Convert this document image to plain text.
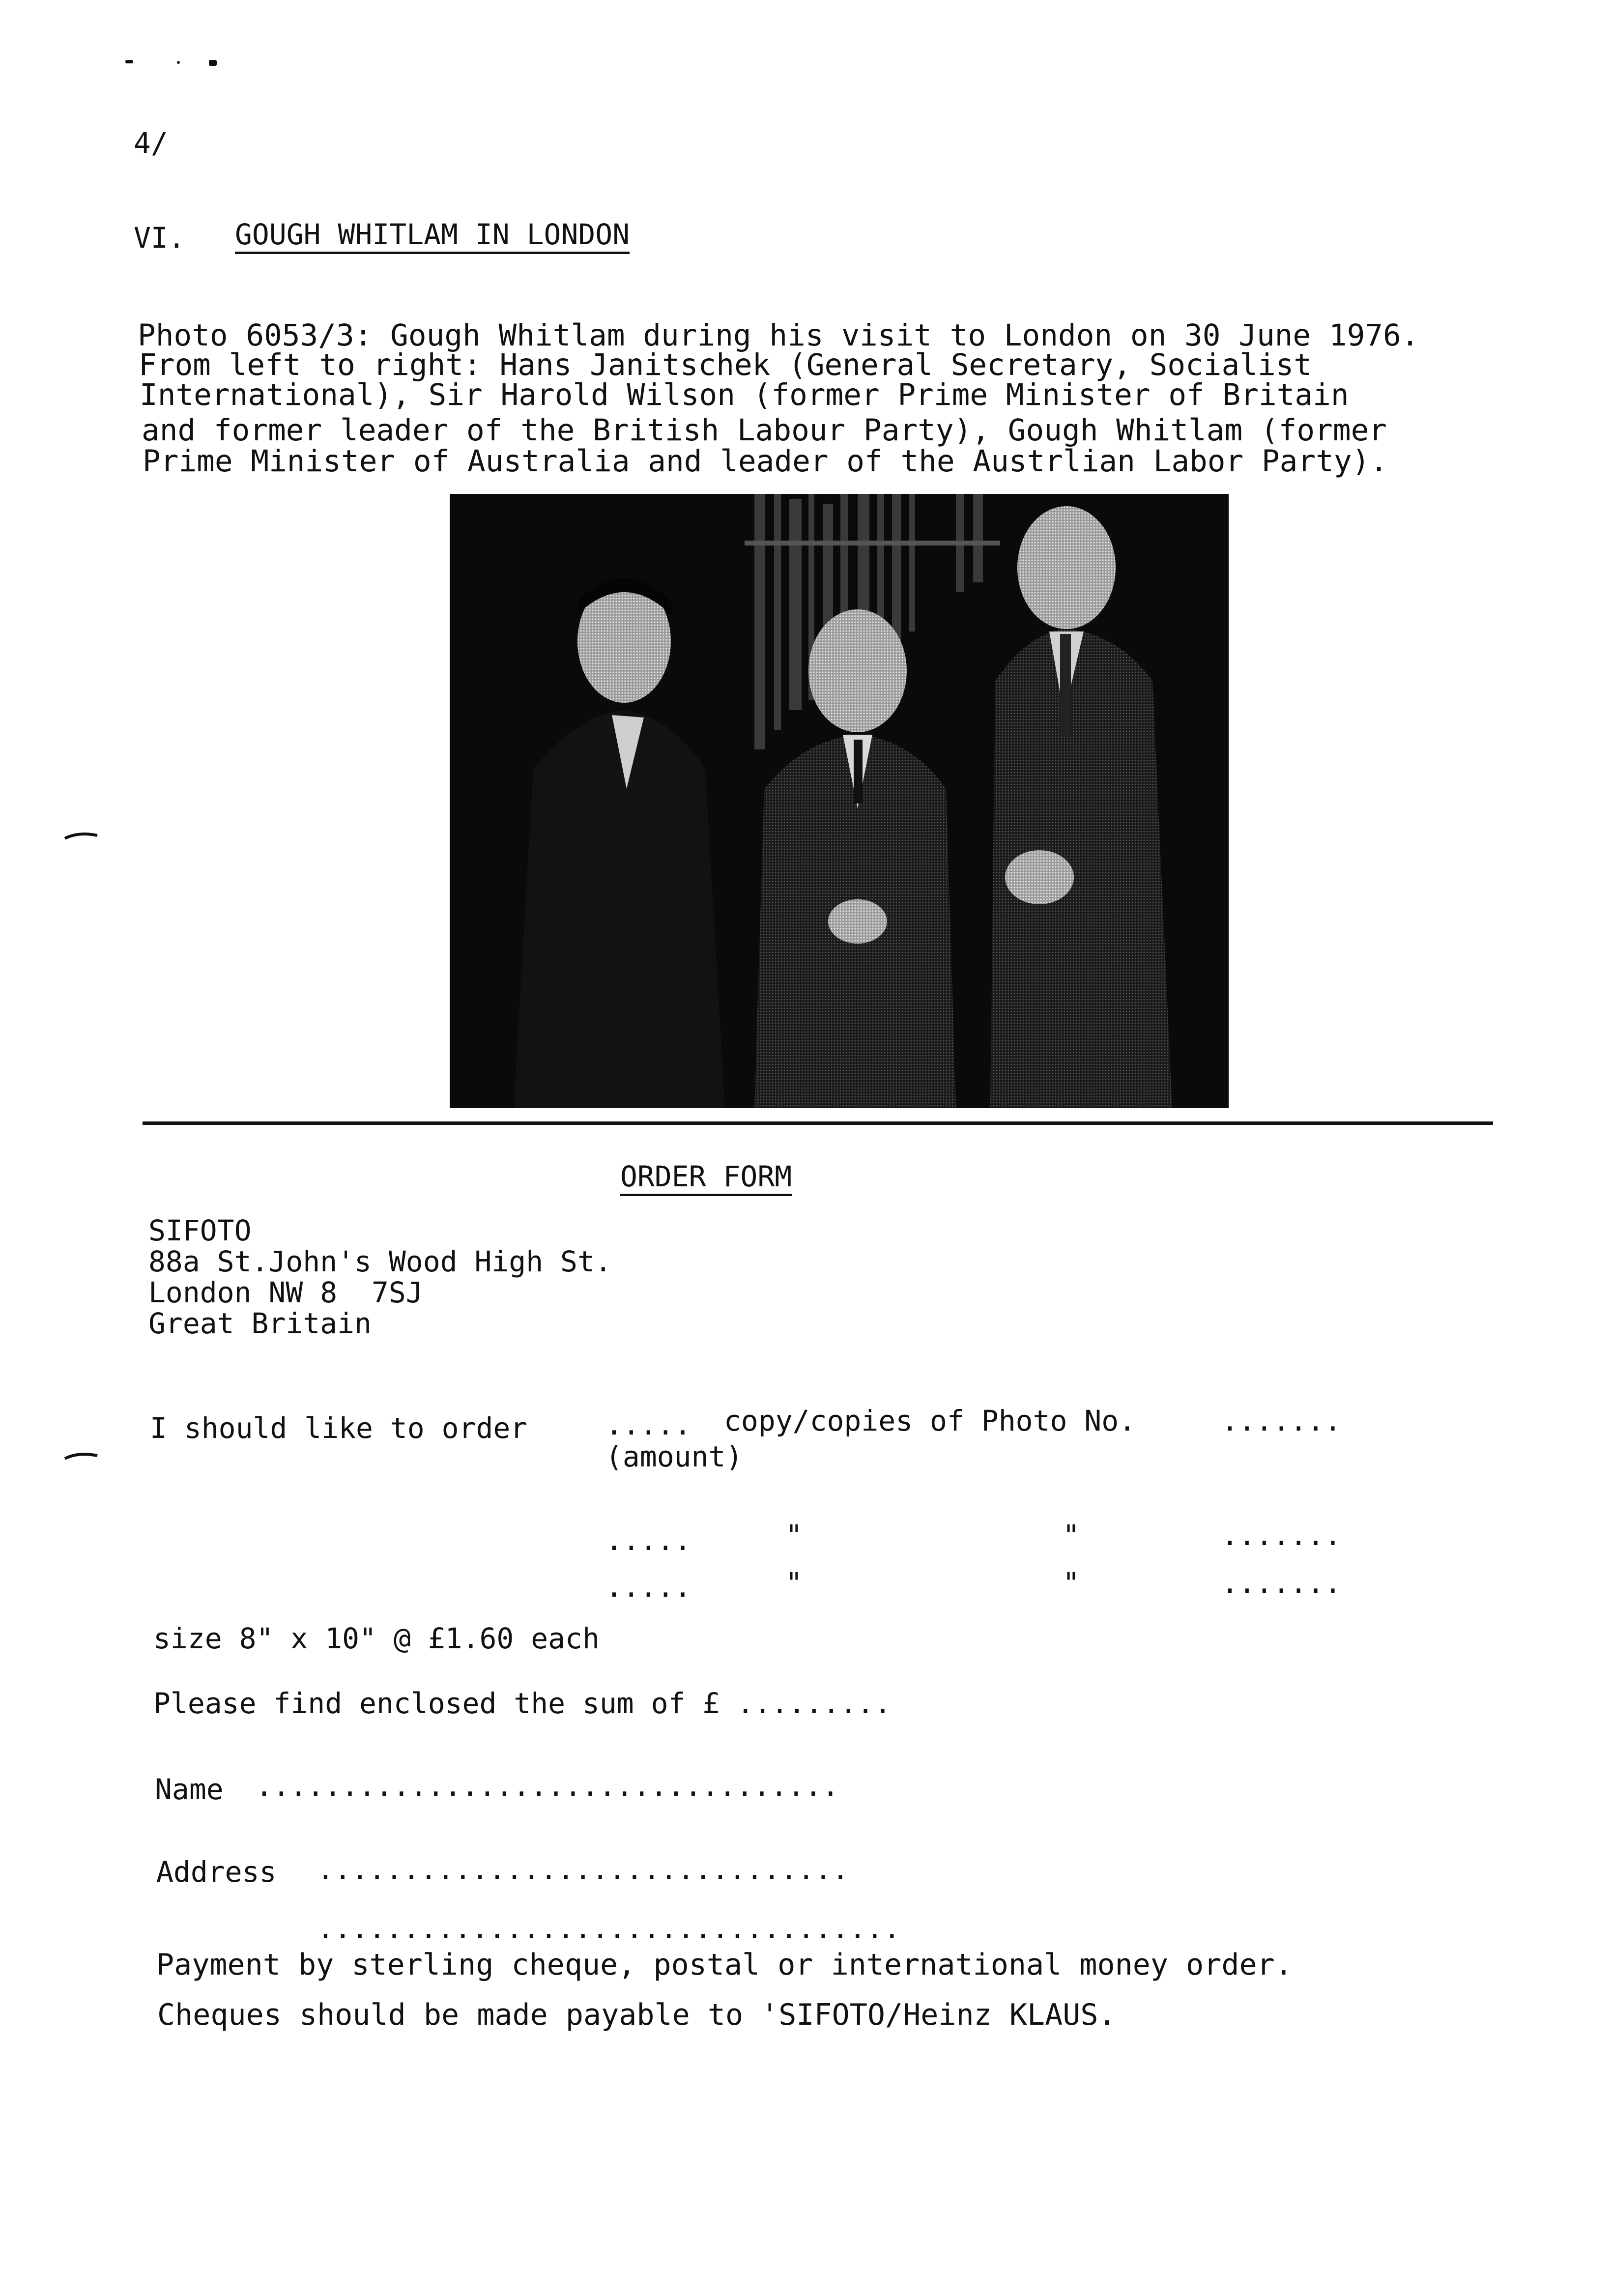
4/
VI. GOUGH WHITLAM IN LONDON
Photo 6053/3: Gough Whitlam during his visit to London on 30 June 1976.
From left to right: Hans Janitschek (General Secretary, Socialist
International), Sir Harold Wilson (former Prime Minister of Britain
and former leader of the British Labour Party), Gough Whitlam (former
Prime Minister of Australia and leader of the Austrlian Labor Party).
ORDER FORM
SIFOTO
88a St.John's Wood High St.
London NW 8  7SJ
Great Britain
I should like to order	..... copy/copies of Photo No.	.......
(amount)
.....	"	"	.......
.....	"	"	.......
size 8" x 10" @ £1.60 each
Please find enclosed the sum of £ .........
Name ..................................
Address ...............................
..................................
Payment by sterling cheque, postal or international money order.
Cheques should be made payable to 'SIFOTO/Heinz KLAUS.
